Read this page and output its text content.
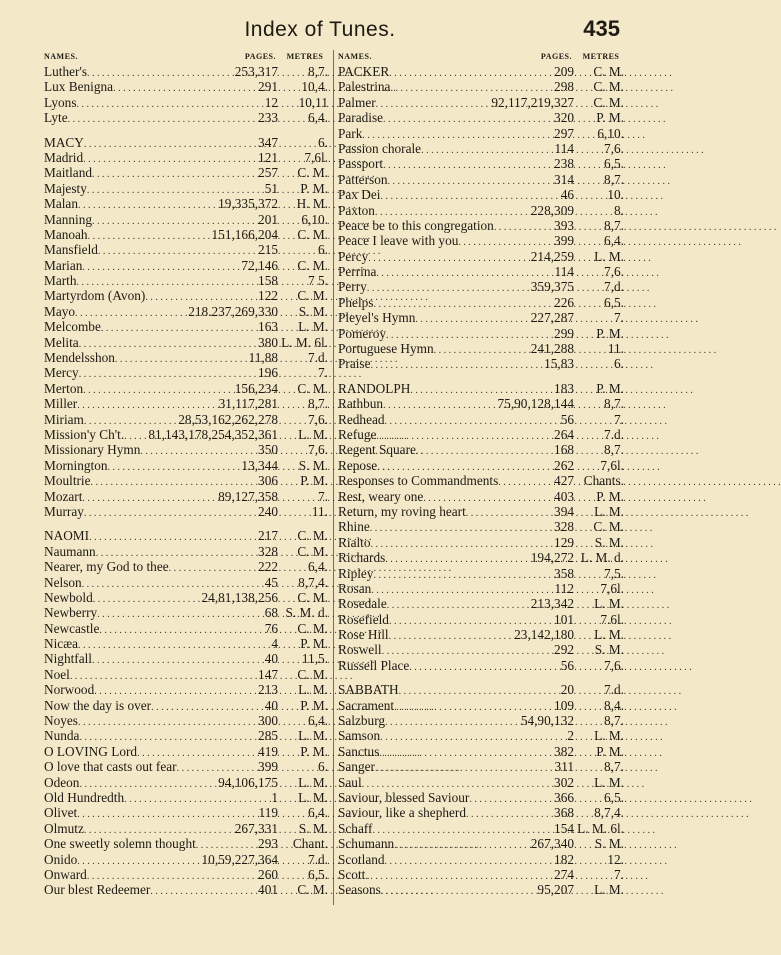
Index of Tunes.	435
NAMES.	PAGES.	METRES
Luther's . . .	253,317	8,7.
Lux Benigna . . .	291	10,4.
Lyons . . .	12	10,11
Lyte . . .	233	6,4.
MACY . . .	347	6.
Madrid . . .	121	7,6l.
Maitland . . .	257	C. M.
Majesty . . .	51	P. M.
Malan . . .	19,335,372	H. M.
Manning . . .	201	6,10.
Manoah . . .	151,166,204	C. M.
Mansfield . . .	215	6.
Marian . . .	72,146	C. M.
Marth . . .	158	7 5.
Martyrdom (Avon) . . .	122	C. M.
Mayo . . .	218.237,269,330	S. M.
Melcombe . . .	163	L. M.
Melita . . .	380 L. M. 6l.
Mendelsshon . . .	11,88	7.d.
Mercy . . .	196	7.
Merton . . .	156,234	C. M.
Miller . . .	31,117,281	8,7.
Miriam . . .	28,53,162,262,278	7,6.
Mission'y Ch't. . . . 81,143,178,254,352,361	L. M.
Missionary Hymn . . .	350	7,6.
Mornington . . .	13,344	S. M.
Moultrie . . .	306	P. M.
Mozart . . .	89,127,358	7.
Murray . . .	240	11.
NAOMI . . .	217	C. M.
Naumann . . .	328	C. M.
Nearer, my God to thee . . .	222	6,4.
Nelson . . .	45	8,7,4.
Newbold . . .	24,81,138,256	C. M.
Newberry . . .	68 S. M. d.
Newcastle . . .	76	C. M.
Nicæa . . .	4	P. M.
Nightfall . . .	40	11,5.
Noel . . .	147	C. M.
Norwood . . .	213	L. M.
Now the day is over . . .	40	P. M.
Noyes . . .	300	6,4.
Nunda . . .	285	L. M.
O LOVING Lord . . .	419	P. M.
O love that casts out fear . . .	399	6.
Odeon . . .	94,106,175	L. M.
Old Hundredth . . .	1	L. M.
Olivet . . .	119	6,4.
Olmutz . . .	267,331	S. M.
One sweetly solemn thought . . .	293	Chant.
Onido . . .	10,59,227,364	7.d.
Onward . . .	260	6,5.
Our blest Redeemer . . .	401	C. M.
NAMES.	PAGES.	METRES
PACKER . . .	209	C. M.
Palestrina . . .	298	C. M.
Palmer . . .	92,117,219,327	C. M.
Paradise . . .	320	P. M.
Park . . .	297	6,10.
Passion chorale . . .	114	7,6.
Passport . . .	238	6,5.
Patterson . . .	314	8,7.
Pax Dei . . .	46	10.
Paxton . . .	228,309	8.
Peace be to this congregation . . .	393	8,7.
Peace I leave with you . . .	399	6,4.
Percy . . .	214,259	L. M.
Perrina . . .	114	7,6.
Perry . . .	359,375	7,d.
Phelps . . .	226	6,5.
Pleyel's Hymn . . .	227,287	7.
Pomeroy . . .	299	P. M.
Portuguese Hymn . . .	241,288	11.
Praise . . .	15,83	6.
RANDOLPH . . .	183	P. M.
Rathbun . . .	75,90,128,144	8,7.
Redhead . . .	56	7.
Refuge . . .	264	7.d.
Regent Square . . .	168	8,7.
Repose . . .	262	7,6l.
Responses to Commandments . . .	427 Chants.
Rest, weary one . . .	403	P. M.
Return, my roving heart . . .	394	L. M.
Rhine . . .	328	C. M.
Rialto . . .	129	S. M.
Richards . . .	194,272 L. M. d.
Ripley . . .	358	7,5.
Rosan . . .	112	7,6l.
Rosedale . . .	213,342	L. M.
Rosefield . . .	101	7.6l.
Rose Hill . . .	23,142,180	L. M.
Roswell . . .	292	S. M.
Russell Place . . .	56	7,6.
SABBATH . . .	20	7.d.
Sacrament . . .	109	8,4.
Salzburg . . .	54,90,132	8,7.
Samson . . .	2	L. M.
Sanctus . . .	382	P. M.
Sanger . . .	311	8,7.
Saul . . .	302	L. M.
Saviour, blessed Saviour . . .	366	6,5.
Saviour, like a shepherd . . .	368	8,7,4.
Schaff . . .	154 L. M. 6l.
Schumann . . .	267,340	S. M.
Scotland . . .	182	12.
Scott . . .	274	7.
Seasons . . .	95,207	L. M.
